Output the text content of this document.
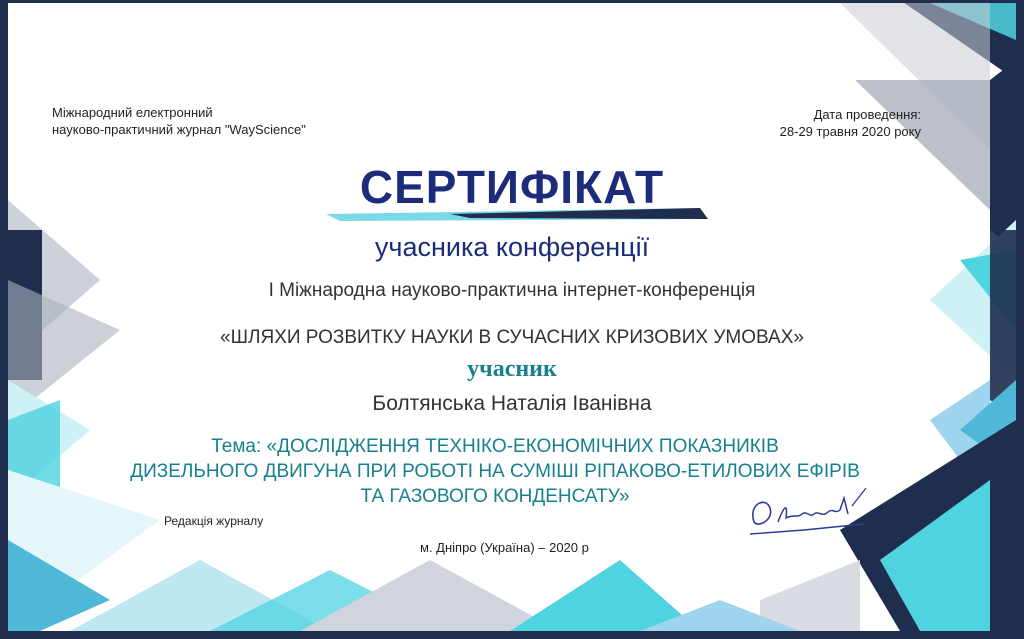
Міжнародний електронний
науково-практичний журнал "WayScience"

Дата проведення:
28-29 травня 2020 року

СЕРТИФІКАТ
учасника конференції
І Міжнародна науково-практична інтернет-конференція
«ШЛЯХИ РОЗВИТКУ НАУКИ В СУЧАСНИХ КРИЗОВИХ УМОВАХ»
учасник
Болтянська Наталія Іванівна
Тема: «ДОСЛІДЖЕННЯ ТЕХНІКО-ЕКОНОМІЧНИХ ПОКАЗНИКІВ
ДИЗЕЛЬНОГО ДВИГУНА ПРИ РОБОТІ НА СУМІШІ РІПАКОВО-ЕТИЛОВИХ ЕФІРІВ
ТА ГАЗОВОГО КОНДЕНСАТУ»
Редакція журналу
м. Дніпро (Україна) – 2020 р
